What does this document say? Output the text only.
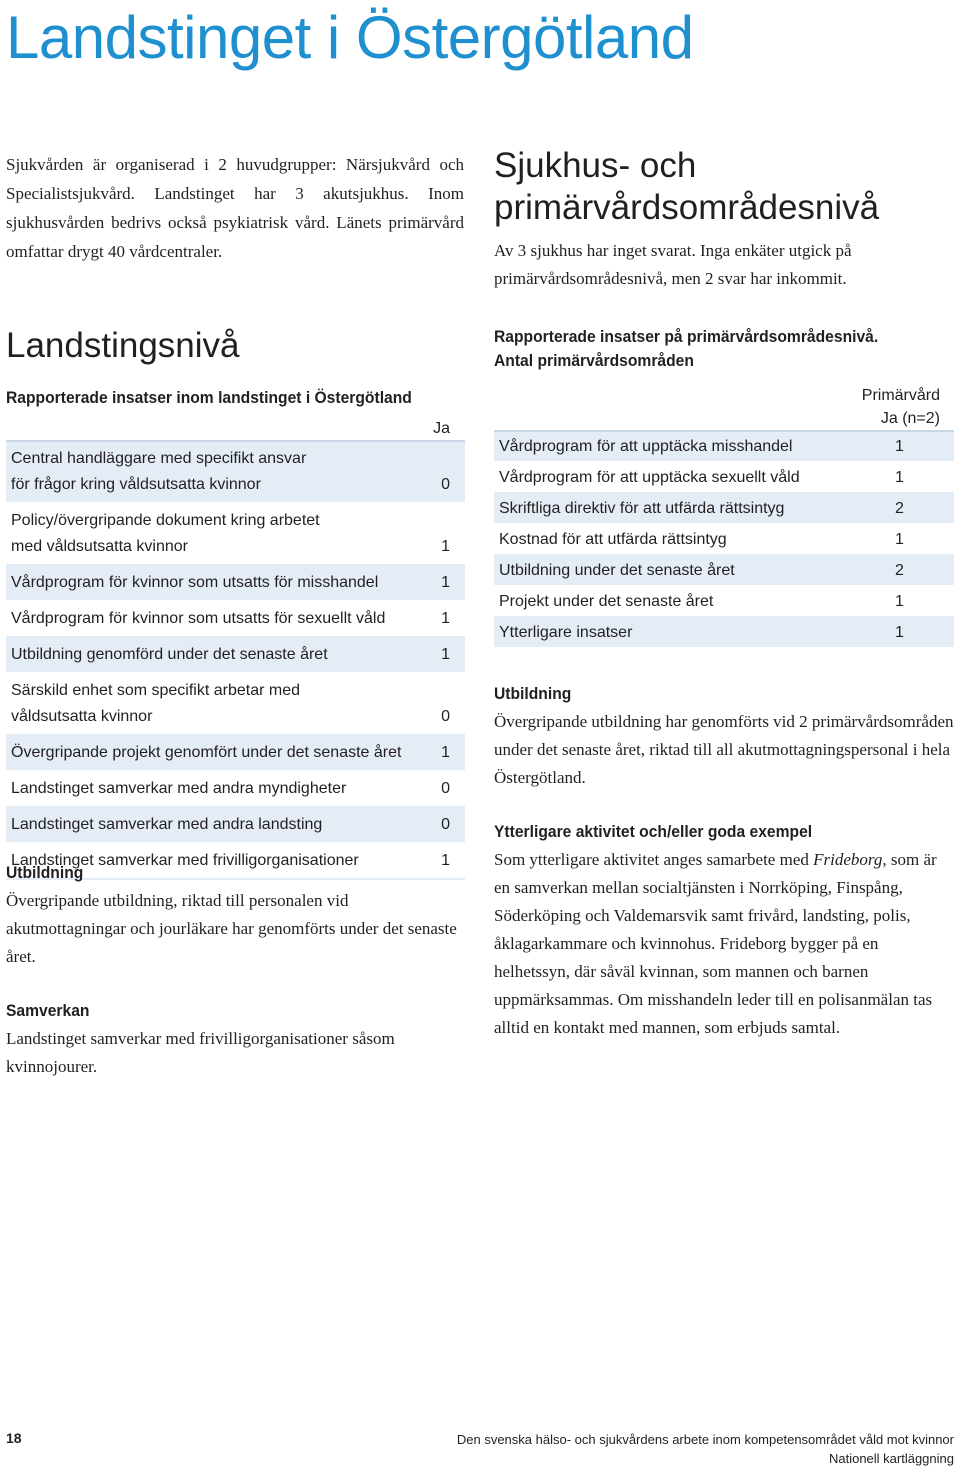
Landstinget i Östergötland
Sjukvården är organiserad i 2 huvudgrupper: Närsjukvård och Specialistsjukvård. Landstinget har 3 akutsjukhus. Inom sjukhusvården bedrivs också psykiatrisk vård. Länets primärvård omfattar drygt 40 vårdcentraler.
Landstingsnivå
Rapporterade insatser inom landstinget i Östergötland
Ja
Central handläggare med specifikt ansvar för frågor kring våldsutsatta kvinnor	0
Policy/övergripande dokument kring arbetet med våldsutsatta kvinnor	1
Vårdprogram för kvinnor som utsatts för misshandel	1
Vårdprogram för kvinnor som utsatts för sexuellt våld	1
Utbildning genomförd under det senaste året	1
Särskild enhet som specifikt arbetar med våldsutsatta kvinnor	0
Övergripande projekt genomfört under det senaste året	1
Landstinget samverkar med andra myndigheter	0
Landstinget samverkar med andra landsting	0
Landstinget samverkar med frivilligorganisationer	1
Utbildning
Övergripande utbildning, riktad till personalen vid akutmottagningar och jourläkare har genomförts under det senaste året.
Samverkan
Landstinget samverkar med frivilligorganisationer såsom kvinnojourer.
Sjukhus- och primärvårdsområdesnivå
Av 3 sjukhus har inget svarat. Inga enkäter utgick på primärvårdsområdesnivå, men 2 svar har inkommit.
Rapporterade insatser på primärvårdsområdesnivå.
Antal primärvårdsområden
Primärvård
Ja (n=2)
Vårdprogram för att upptäcka misshandel	1
Vårdprogram för att upptäcka sexuellt våld	1
Skriftliga direktiv för att utfärda rättsintyg	2
Kostnad för att utfärda rättsintyg	1
Utbildning under det senaste året	2
Projekt under det senaste året	1
Ytterligare insatser	1
Utbildning
Övergripande utbildning har genomförts vid 2 primärvårdsområden under det senaste året, riktad till all akutmottagningspersonal i hela Östergötland.
Ytterligare aktivitet och/eller goda exempel
Som ytterligare aktivitet anges samarbete med Frideborg, som är en samverkan mellan socialtjänsten i Norrköping, Finspång, Söderköping och Valdemarsvik samt frivård, landsting, polis, åklagarkammare och kvinnohus. Frideborg bygger på en helhetssyn, där såväl kvinnan, som mannen och barnen uppmärksammas. Om misshandeln leder till en polisanmälan tas alltid en kontakt med mannen, som erbjuds samtal.
18	Den svenska hälso- och sjukvårdens arbete inom kompetensområdet våld mot kvinnor
Nationell kartläggning
